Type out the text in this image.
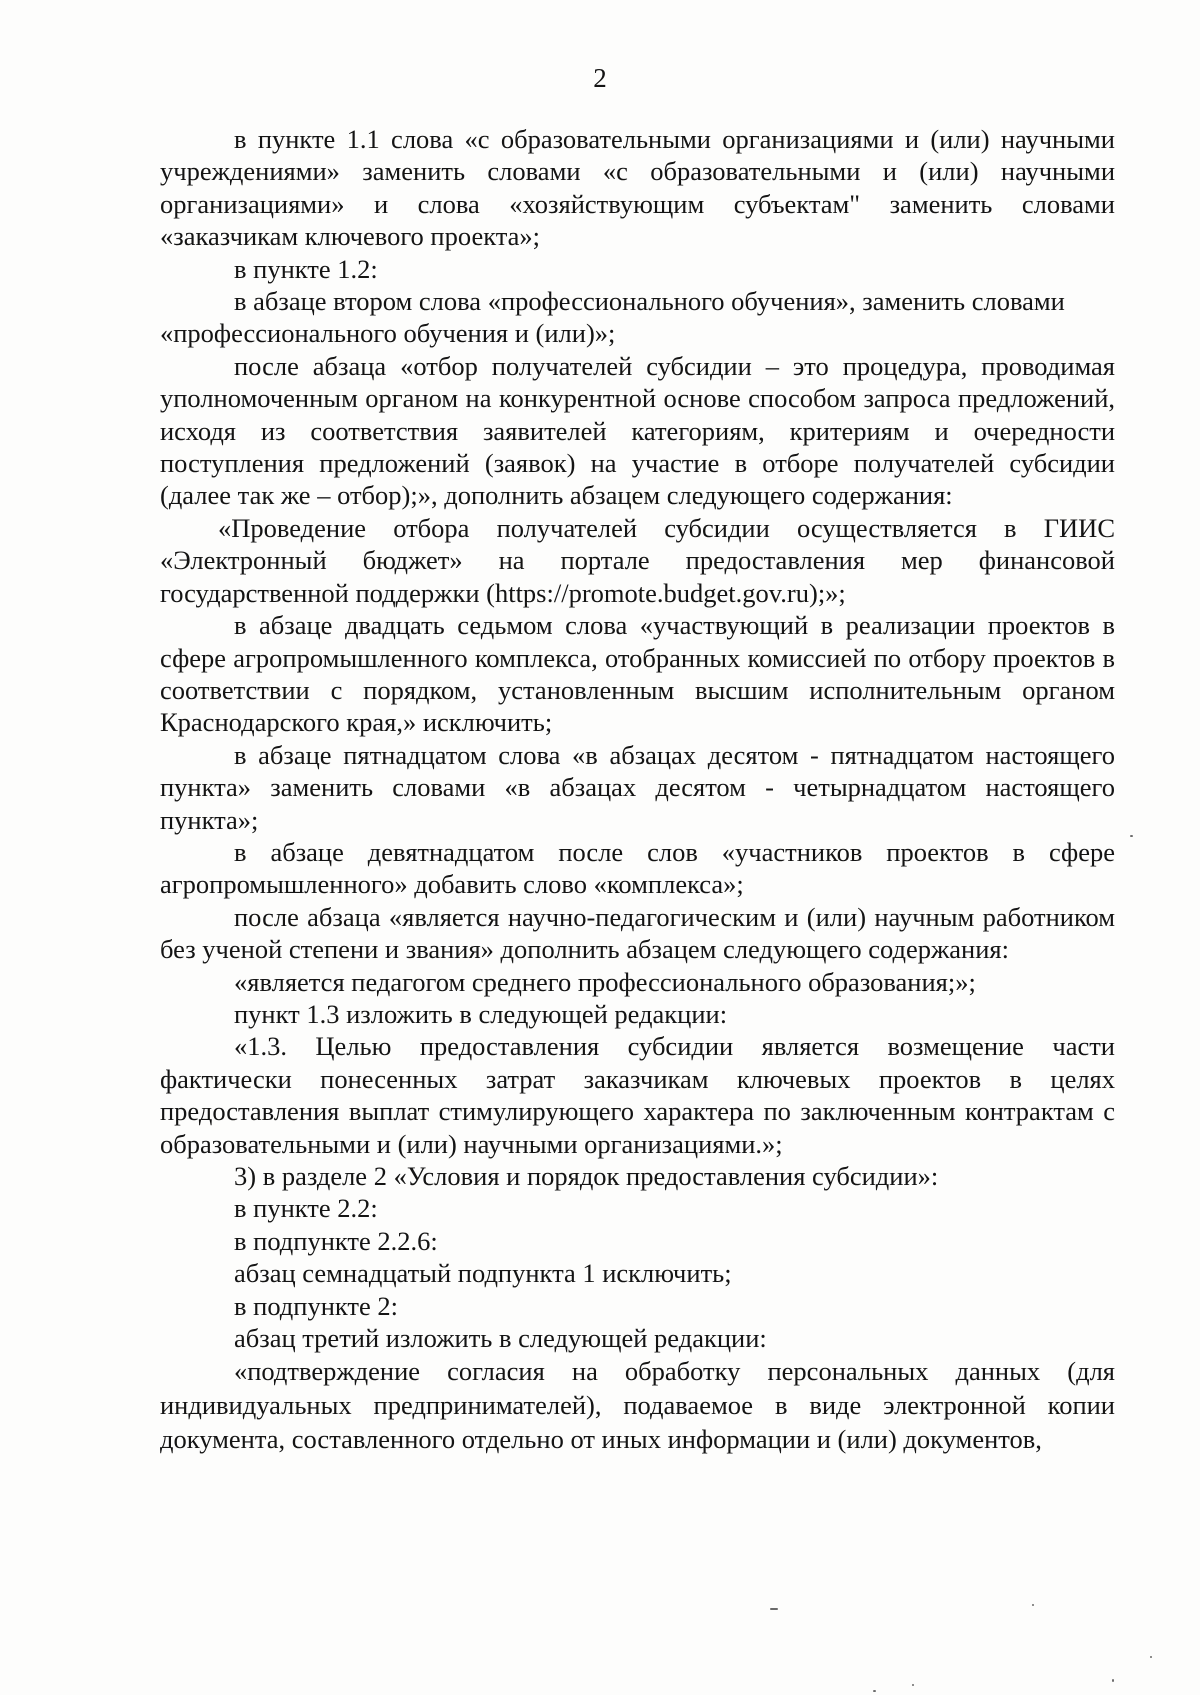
2

в пункте 1.1 слова «с образовательными организациями и (или) научными учреждениями» заменить словами «с образовательными и (или) научными организациями» и слова «хозяйствующим субъектам" заменить словами «заказчикам ключевого проекта»;

в пункте 1.2:

в абзаце втором слова «профессионального обучения», заменить словами

«профессионального обучения и (или)»;

после абзаца «отбор получателей субсидии – это процедура, проводимая уполномоченным органом на конкурентной основе способом запроса предложений, исходя из соответствия заявителей категориям, критериям и очередности поступления предложений (заявок) на участие в отборе получателей субсидии (далее так же – отбор);», дополнить абзацем следующего содержания:

«Проведение отбора получателей субсидии осуществляется в ГИИС «Электронный бюджет» на портале предоставления мер финансовой государственной поддержки (https://promote.budget.gov.ru);»;

в абзаце двадцать седьмом слова «участвующий в реализации проектов в сфере агропромышленного комплекса, отобранных комиссией по отбору проектов в соответствии с порядком, установленным высшим исполнительным органом Краснодарского края,» исключить;

в абзаце пятнадцатом слова «в абзацах десятом - пятнадцатом настоящего пункта» заменить словами «в абзацах десятом - четырнадцатом настоящего пункта»;

в абзаце девятнадцатом после слов «участников проектов в сфере агропромышленного» добавить слово «комплекса»;

после абзаца «является научно-педагогическим и (или) научным работником без ученой степени и звания» дополнить абзацем следующего содержания:

«является педагогом среднего профессионального образования;»;

пункт 1.3 изложить в следующей редакции:

«1.3. Целью предоставления субсидии является возмещение части фактически понесенных затрат заказчикам ключевых проектов в целях предоставления выплат стимулирующего характера по заключенным контрактам с образовательными и (или) научными организациями.»;

3) в разделе 2 «Условия и порядок предоставления субсидии»:

в пункте 2.2:

в подпункте 2.2.6:

абзац семнадцатый подпункта 1 исключить;

в подпункте 2:

абзац третий изложить в следующей редакции:

«подтверждение согласия на обработку персональных данных (для индивидуальных предпринимателей), подаваемое в виде электронной копии документа, составленного отдельно от иных информации и (или) документов,
